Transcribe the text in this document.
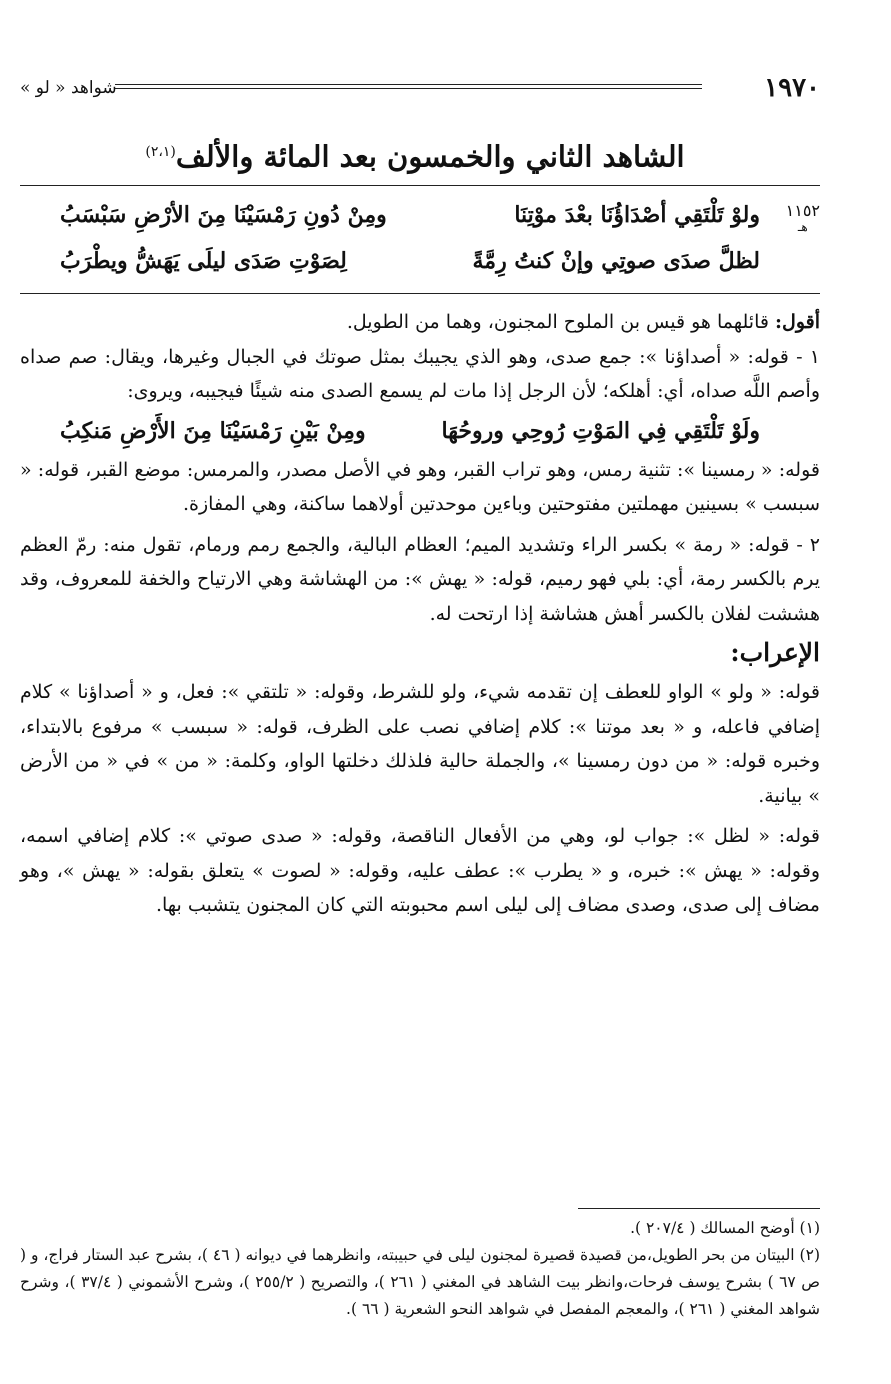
١٩٧٠
شواهد « لو »
الشاهد الثاني والخمسون بعد المائة والألف$^{(٢،١)}$
١١٥٢
هـ
ولوْ تَلْتَقِي أصْدَاؤُنَا بعْدَ موْتِنَا
ومِنْ دُونِ رَمْسَيْنَا مِنَ الأرْضِ سَبْسَبُ
لظلَّ صدَى صوتِي وإنْ كنتُ رِمَّةً
لِصَوْتِ صَدَى ليلَى يَهَشُّ ويطْرَبُ

أقول: قائلهما هو قيس بن الملوح المجنون، وهما من الطويل.

١ - قوله: « أصداؤنا »: جمع صدى، وهو الذي يجيبك بمثل صوتك في الجبال وغيرها، ويقال: صم صداه وأصم اللَّه صداه، أي: أهلكه؛ لأن الرجل إذا مات لم يسمع الصدى منه شيئًا فيجيبه، ويروى:

ولَوْ تَلْتَقِي فِي المَوْتِ رُوحِي وروحُهَا
ومِنْ بَيْنِ رَمْسَيْنَا مِنَ الأَرْضِ مَنكِبُ

قوله: « رمسينا »: تثنية رمس، وهو تراب القبر، وهو في الأصل مصدر، والمرمس: موضع القبر، قوله: « سبسب » بسينين مهملتين مفتوحتين وباءين موحدتين أولاهما ساكنة، وهي المفازة.

٢ - قوله: « رمة » بكسر الراء وتشديد الميم؛ العظام البالية، والجمع رمم ورمام، تقول منه: رمّ العظم يرم بالكسر رمة، أي: بلي فهو رميم، قوله: « يهش »: من الهشاشة وهي الارتياح والخفة للمعروف، وقد هششت لفلان بالكسر أهش هشاشة إذا ارتحت له.

الإعراب:

قوله: « ولو » الواو للعطف إن تقدمه شيء، ولو للشرط، وقوله: « تلتقي »: فعل، و « أصداؤنا » كلام إضافي فاعله، و « بعد موتنا »: كلام إضافي نصب على الظرف، قوله: « سبسب » مرفوع بالابتداء، وخبره قوله: « من دون رمسينا »، والجملة حالية فلذلك دخلتها الواو، وكلمة: « من » في « من الأرض » بيانية.

قوله: « لظل »: جواب لو، وهي من الأفعال الناقصة، وقوله: « صدى صوتي »: كلام إضافي اسمه، وقوله: « يهش »: خبره، و « يطرب »: عطف عليه، وقوله: « لصوت » يتعلق بقوله: « يهش »، وهو مضاف إلى صدى، وصدى مضاف إلى ليلى اسم محبوبته التي كان المجنون يتشبب بها.

(١) أوضح المسالك ( ٢٠٧/٤ ).

(٢) البيتان من بحر الطويل،من قصيدة قصيرة لمجنون ليلى في حبيبته، وانظرهما في ديوانه ( ٤٦ )، بشرح عبد الستار فراج، و ( ص ٦٧ ) بشرح يوسف فرحات،وانظر بيت الشاهد في المغني ( ٢٦١ )، والتصريح ( ٢٥٥/٢ )، وشرح الأشموني ( ٣٧/٤ )، وشرح شواهد المغني ( ٢٦١ )، والمعجم المفصل في شواهد النحو الشعرية ( ٦٦ ).
